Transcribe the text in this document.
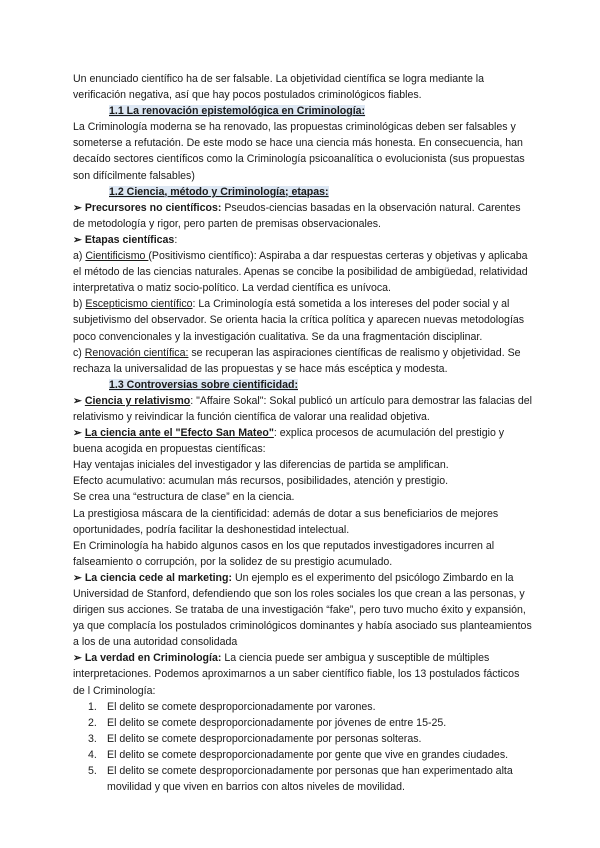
Un enunciado científico ha de ser falsable. La objetividad científica se logra mediante la verificación negativa, así que hay pocos postulados criminológicos fiables.

1.1 La renovación epistemológica en Criminología:

La Criminología moderna se ha renovado, las propuestas criminológicas deben ser falsables y someterse a refutación. De este modo se hace una ciencia más honesta. En consecuencia, han decaído sectores científicos como la Criminología psicoanalítica o evolucionista (sus propuestas son difícilmente falsables)

1.2 Ciencia, método y Criminología; etapas:

➢ Precursores no científicos: Pseudos-ciencias basadas en la observación natural. Carentes de metodología y rigor, pero parten de premisas observacionales.

➢ Etapas científicas:

a) Cientificismo (Positivismo científico): Aspiraba a dar respuestas certeras y objetivas y aplicaba el método de las ciencias naturales. Apenas se concibe la posibilidad de ambigüedad, relatividad interpretativa o matiz socio-político. La verdad científica es unívoca.

b) Escepticismo científico: La Criminología está sometida a los intereses del poder social y al subjetivismo del observador. Se orienta hacia la crítica política y aparecen nuevas metodologías poco convencionales y la investigación cualitativa. Se da una fragmentación disciplinar.

c) Renovación científica: se recuperan las aspiraciones científicas de realismo y objetividad. Se rechaza la universalidad de las propuestas y se hace más escéptica y modesta.

1.3 Controversias sobre cientificidad:

➢ Ciencia y relativismo: "Affaire Sokal": Sokal publicó un artículo para demostrar las falacias del relativismo y reivindicar la función científica de valorar una realidad objetiva.

➢ La ciencia ante el "Efecto San Mateo": explica procesos de acumulación del prestigio y buena acogida en propuestas científicas:

Hay ventajas iniciales del investigador y las diferencias de partida se amplifican.

Efecto acumulativo: acumulan más recursos, posibilidades, atención y prestigio.

Se crea una “estructura de clase” en la ciencia.

La prestigiosa máscara de la cientificidad: además de dotar a sus beneficiarios de mejores oportunidades, podría facilitar la deshonestidad intelectual.

En Criminología ha habido algunos casos en los que reputados investigadores incurren al falseamiento o corrupción, por la solidez de su prestigio acumulado.

➢ La ciencia cede al marketing: Un ejemplo es el experimento del psicólogo Zimbardo en la Universidad de Stanford, defendiendo que son los roles sociales los que crean a las personas, y dirigen sus acciones. Se trataba de una investigación “fake”, pero tuvo mucho éxito y expansión, ya que complacía los postulados criminológicos dominantes y había asociado sus planteamientos a los de una autoridad consolidada

➢ La verdad en Criminología: La ciencia puede ser ambigua y susceptible de múltiples interpretaciones. Podemos aproximarnos a un saber científico fiable, los 13 postulados fácticos de l Criminología:

1. El delito se comete desproporcionadamente por varones.
2. El delito se comete desproporcionadamente por jóvenes de entre 15-25.
3. El delito se comete desproporcionadamente por personas solteras.
4. El delito se comete desproporcionadamente por gente que vive en grandes ciudades.
5. El delito se comete desproporcionadamente por personas que han experimentado alta movilidad y que viven en barrios con altos niveles de movilidad.
